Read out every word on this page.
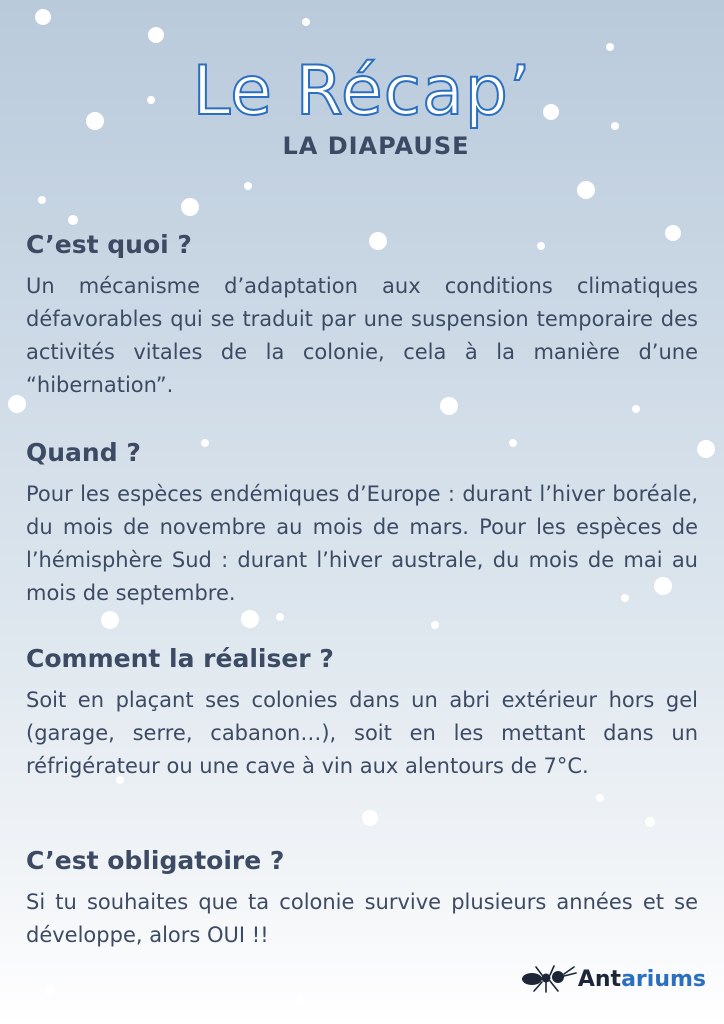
Le Récap’
LA DIAPAUSE
C’est quoi ?

Un mécanisme d’adaptation aux conditions climatiques défavorables qui se traduit par une suspension temporaire des activités vitales de la colonie, cela à la manière d’une “hibernation”.

Quand ?

Pour les espèces endémiques d’Europe : durant l’hiver boréale, du mois de novembre au mois de mars. Pour les espèces de l’hémisphère Sud : durant l’hiver australe, du mois de mai au mois de septembre.

Comment la réaliser ?

Soit en plaçant ses colonies dans un abri extérieur hors gel (garage, serre, cabanon…), soit en les mettant dans un réfrigérateur ou une cave à vin aux alentours de 7°C.

C’est obligatoire ?

Si tu souhaites que ta colonie survive plusieurs années et se développe, alors OUI !!

Antariums
